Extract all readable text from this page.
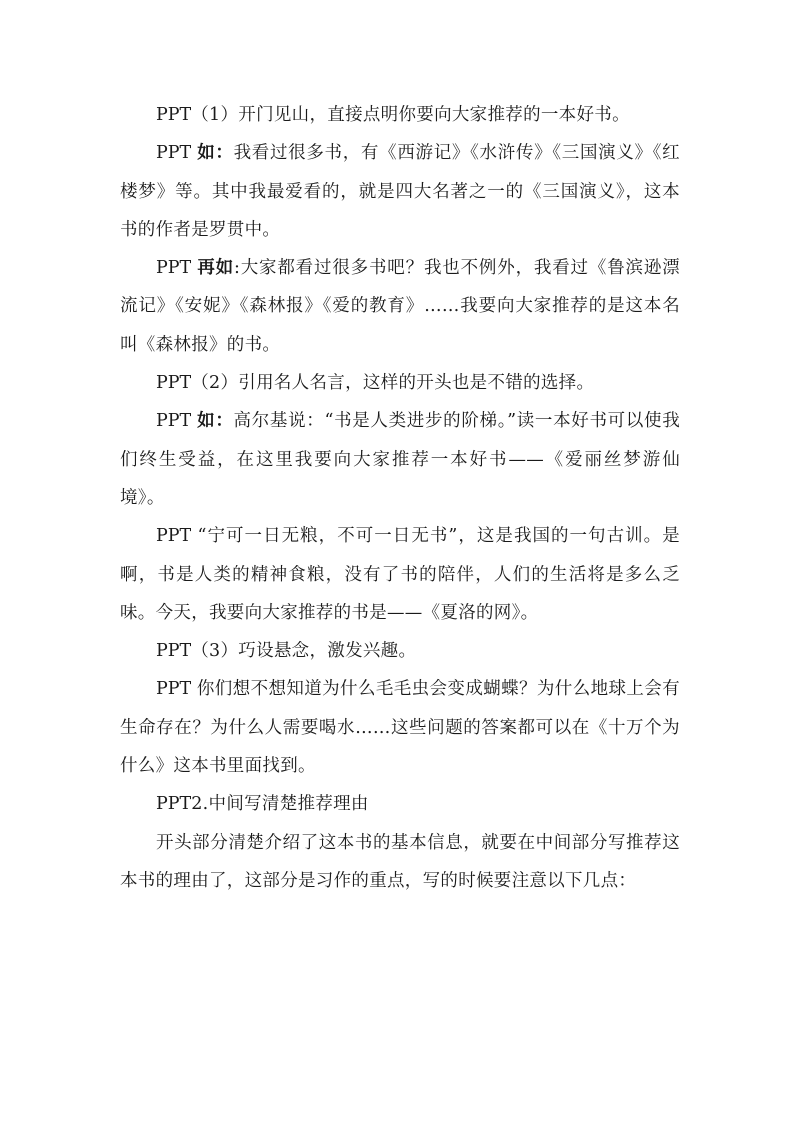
PPT（1）开门见山，直接点明你要向大家推荐的一本好书。

PPT 如：我看过很多书，有《西游记》《水浒传》《三国演义》《红楼梦》等。其中我最爱看的，就是四大名著之一的《三国演义》，这本书的作者是罗贯中。

PPT 再如:大家都看过很多书吧？我也不例外，我看过《鲁滨逊漂流记》《安妮》《森林报》《爱的教育》……我要向大家推荐的是这本名叫《森林报》的书。

PPT（2）引用名人名言，这样的开头也是不错的选择。

PPT 如：高尔基说：“书是人类进步的阶梯。”读一本好书可以使我们终生受益，在这里我要向大家推荐一本好书——《爱丽丝梦游仙境》。

PPT “宁可一日无粮，不可一日无书”，这是我国的一句古训。是啊，书是人类的精神食粮，没有了书的陪伴，人们的生活将是多么乏味。今天，我要向大家推荐的书是——《夏洛的网》。

PPT（3）巧设悬念，激发兴趣。

PPT 你们想不想知道为什么毛毛虫会变成蝴蝶？为什么地球上会有生命存在？为什么人需要喝水……这些问题的答案都可以在《十万个为什么》这本书里面找到。

PPT2.中间写清楚推荐理由

开头部分清楚介绍了这本书的基本信息，就要在中间部分写推荐这本书的理由了，这部分是习作的重点，写的时候要注意以下几点：
